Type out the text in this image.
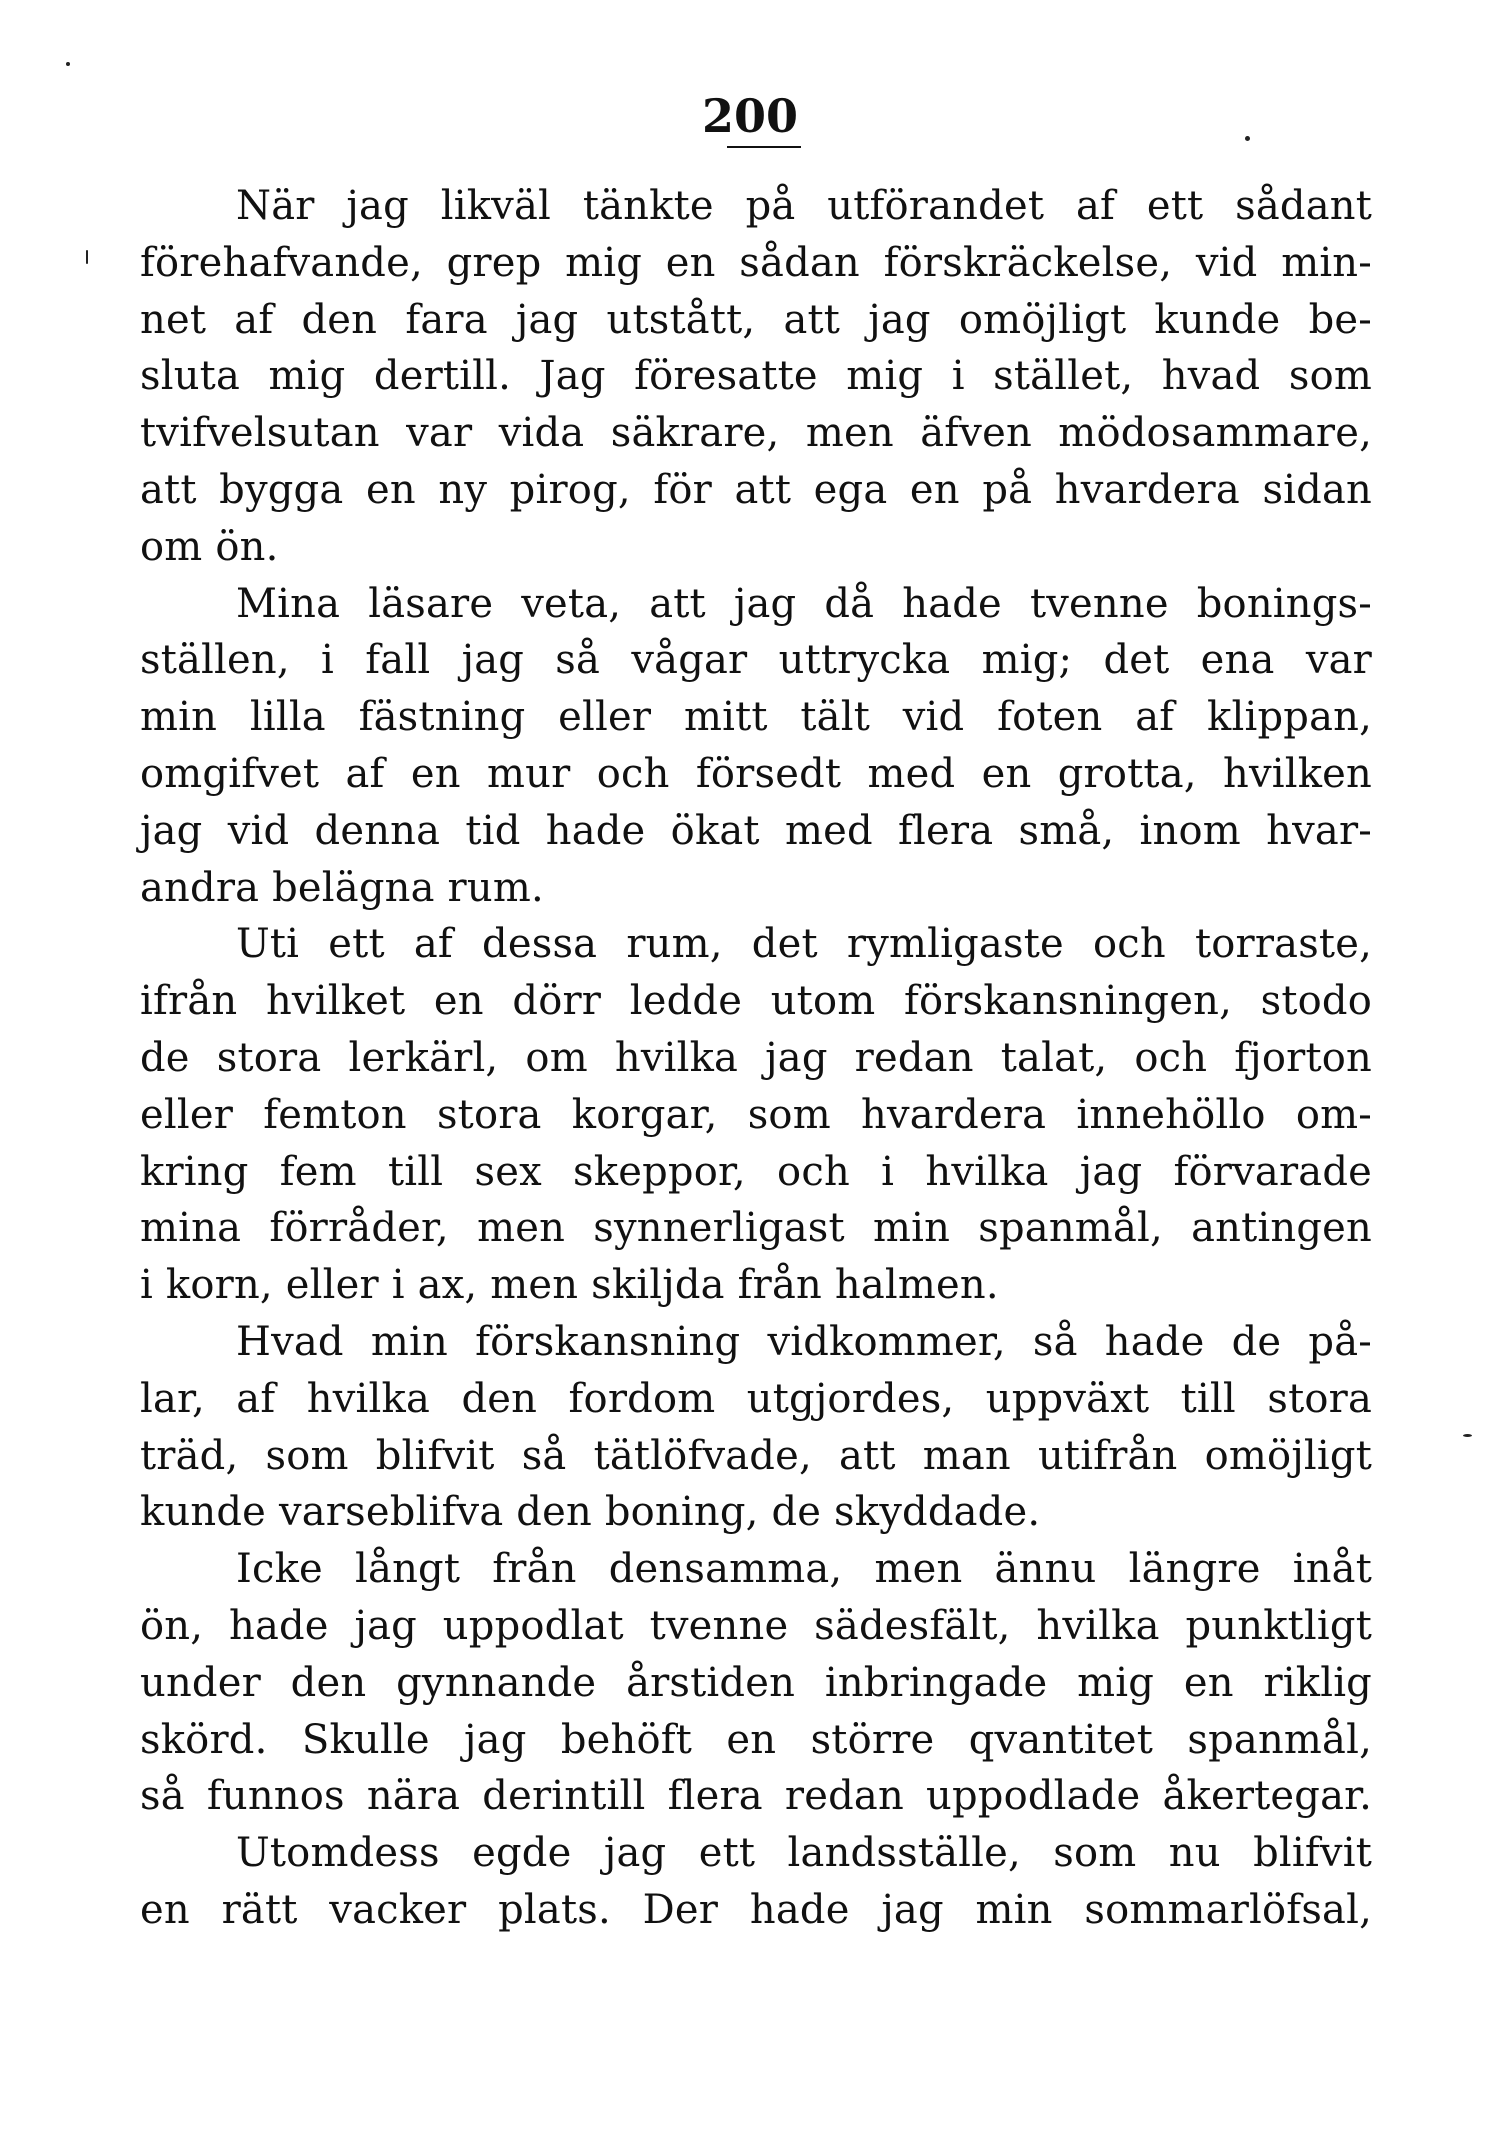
200
När jag likväl tänkte på utförandet af ett sådant
förehafvande, grep mig en sådan förskräckelse, vid min-
net af den fara jag utstått, att jag omöjligt kunde be-
sluta mig dertill. Jag föresatte mig i stället, hvad som
tvifvelsutan var vida säkrare, men äfven mödosammare,
att bygga en ny pirog, för att ega en på hvardera sidan
om ön.
Mina läsare veta, att jag då hade tvenne bonings-
ställen, i fall jag så vågar uttrycka mig; det ena var
min lilla fästning eller mitt tält vid foten af klippan,
omgifvet af en mur och försedt med en grotta, hvilken
jag vid denna tid hade ökat med flera små, inom hvar-
andra belägna rum.
Uti ett af dessa rum, det rymligaste och torraste,
ifrån hvilket en dörr ledde utom förskansningen, stodo
de stora lerkärl, om hvilka jag redan talat, och fjorton
eller femton stora korgar, som hvardera innehöllo om-
kring fem till sex skeppor, och i hvilka jag förvarade
mina förråder, men synnerligast min spanmål, antingen
i korn, eller i ax, men skiljda från halmen.
Hvad min förskansning vidkommer, så hade de på-
lar, af hvilka den fordom utgjordes, uppväxt till stora
träd, som blifvit så tätlöfvade, att man utifrån omöjligt
kunde varseblifva den boning, de skyddade.
Icke långt från densamma, men ännu längre inåt
ön, hade jag uppodlat tvenne sädesfält, hvilka punktligt
under den gynnande årstiden inbringade mig en riklig
skörd. Skulle jag behöft en större qvantitet spanmål,
så funnos nära derintill flera redan uppodlade åkertegar.
Utomdess egde jag ett landsställe, som nu blifvit
en rätt vacker plats. Der hade jag min sommarlöfsal,
